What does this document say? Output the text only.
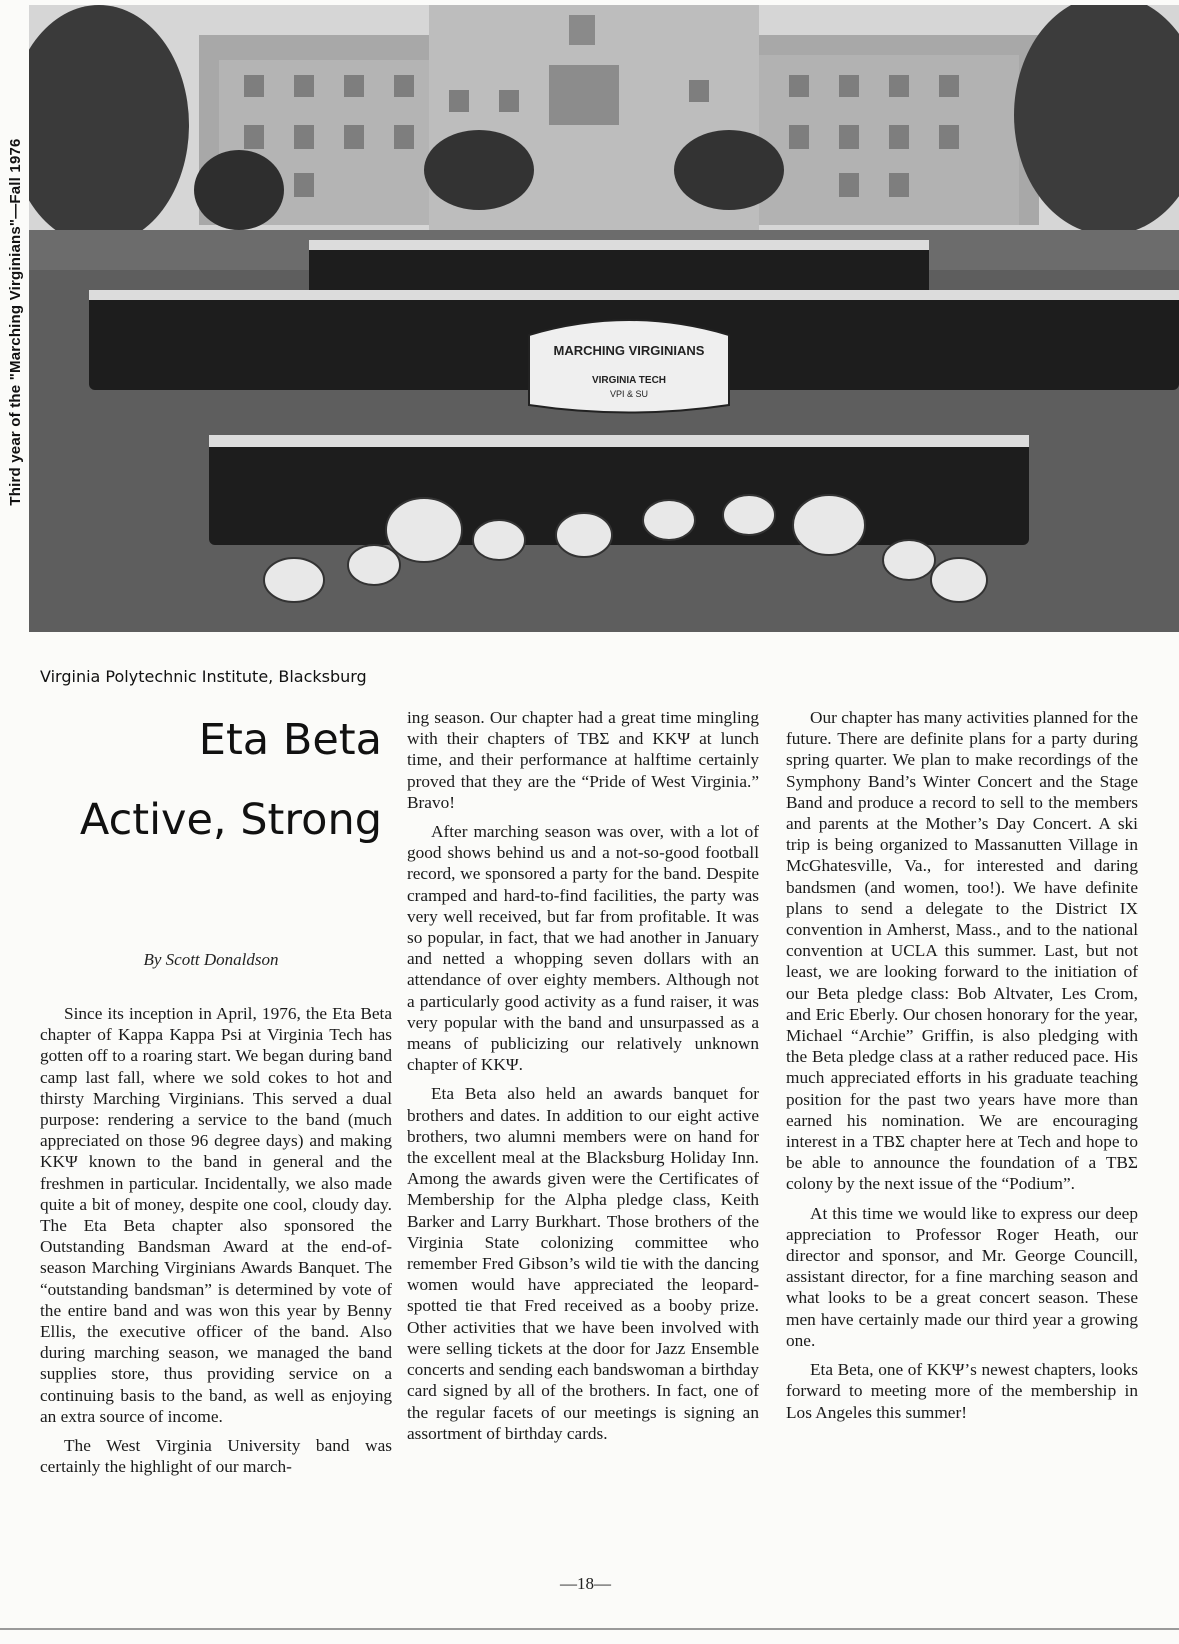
MARCHING VIRGINIANS
VIRGINIA TECH
VPI & SU
Third year of the "Marching Virginians"—Fall 1976
Virginia Polytechnic Institute, Blacksburg
Eta Beta
Active, Strong
By Scott Donaldson

Since its inception in April, 1976, the Eta Beta chapter of Kappa Kappa Psi at Virginia Tech has gotten off to a roaring start. We began during band camp last fall, where we sold cokes to hot and thirsty Marching Virginians. This served a dual purpose: rendering a service to the band (much appreciated on those 96 degree days) and making ΚΚΨ known to the band in general and the freshmen in particular. Incidentally, we also made quite a bit of money, despite one cool, cloudy day. The Eta Beta chapter also sponsored the Outstanding Bandsman Award at the end-of-season Marching Virginians Awards Banquet. The “outstanding bandsman” is determined by vote of the entire band and was won this year by Benny Ellis, the executive officer of the band. Also during marching season, we managed the band supplies store, thus providing service on a continuing basis to the band, as well as enjoying an extra source of income.

The West Virginia University band was certainly the highlight of our march-

ing season. Our chapter had a great time mingling with their chapters of ΤΒΣ and ΚΚΨ at lunch time, and their performance at halftime certainly proved that they are the “Pride of West Virginia.” Bravo!

After marching season was over, with a lot of good shows behind us and a not-so-good football record, we sponsored a party for the band. Despite cramped and hard-to-find facilities, the party was very well received, but far from profitable. It was so popular, in fact, that we had another in January and netted a whopping seven dollars with an attendance of over eighty members. Although not a particularly good activity as a fund raiser, it was very popular with the band and unsurpassed as a means of publicizing our relatively unknown chapter of ΚΚΨ.

Eta Beta also held an awards banquet for brothers and dates. In addition to our eight active brothers, two alumni members were on hand for the excellent meal at the Blacksburg Holiday Inn. Among the awards given were the Certificates of Membership for the Alpha pledge class, Keith Barker and Larry Burkhart. Those brothers of the Virginia State colonizing committee who remember Fred Gibson’s wild tie with the dancing women would have appreciated the leopard-spotted tie that Fred received as a booby prize. Other activities that we have been involved with were selling tickets at the door for Jazz Ensemble concerts and sending each bandswoman a birthday card signed by all of the brothers. In fact, one of the regular facets of our meetings is signing an assortment of birthday cards.

Our chapter has many activities planned for the future. There are definite plans for a party during spring quarter. We plan to make recordings of the Symphony Band’s Winter Concert and the Stage Band and produce a record to sell to the members and parents at the Mother’s Day Concert. A ski trip is being organized to Massanutten Village in McGhatesville, Va., for interested and daring bandsmen (and women, too!). We have definite plans to send a delegate to the District IX convention in Amherst, Mass., and to the national convention at UCLA this summer. Last, but not least, we are looking forward to the initiation of our Beta pledge class: Bob Altvater, Les Crom, and Eric Eberly. Our chosen honorary for the year, Michael “Archie” Griffin, is also pledging with the Beta pledge class at a rather reduced pace. His much appreciated efforts in his graduate teaching position for the past two years have more than earned his nomination. We are encouraging interest in a ΤΒΣ chapter here at Tech and hope to be able to announce the foundation of a ΤΒΣ colony by the next issue of the “Podium”.

At this time we would like to express our deep appreciation to Professor Roger Heath, our director and sponsor, and Mr. George Councill, assistant director, for a fine marching season and what looks to be a great concert season. These men have certainly made our third year a growing one.

Eta Beta, one of ΚΚΨ’s newest chapters, looks forward to meeting more of the membership in Los Angeles this summer!

—18—
